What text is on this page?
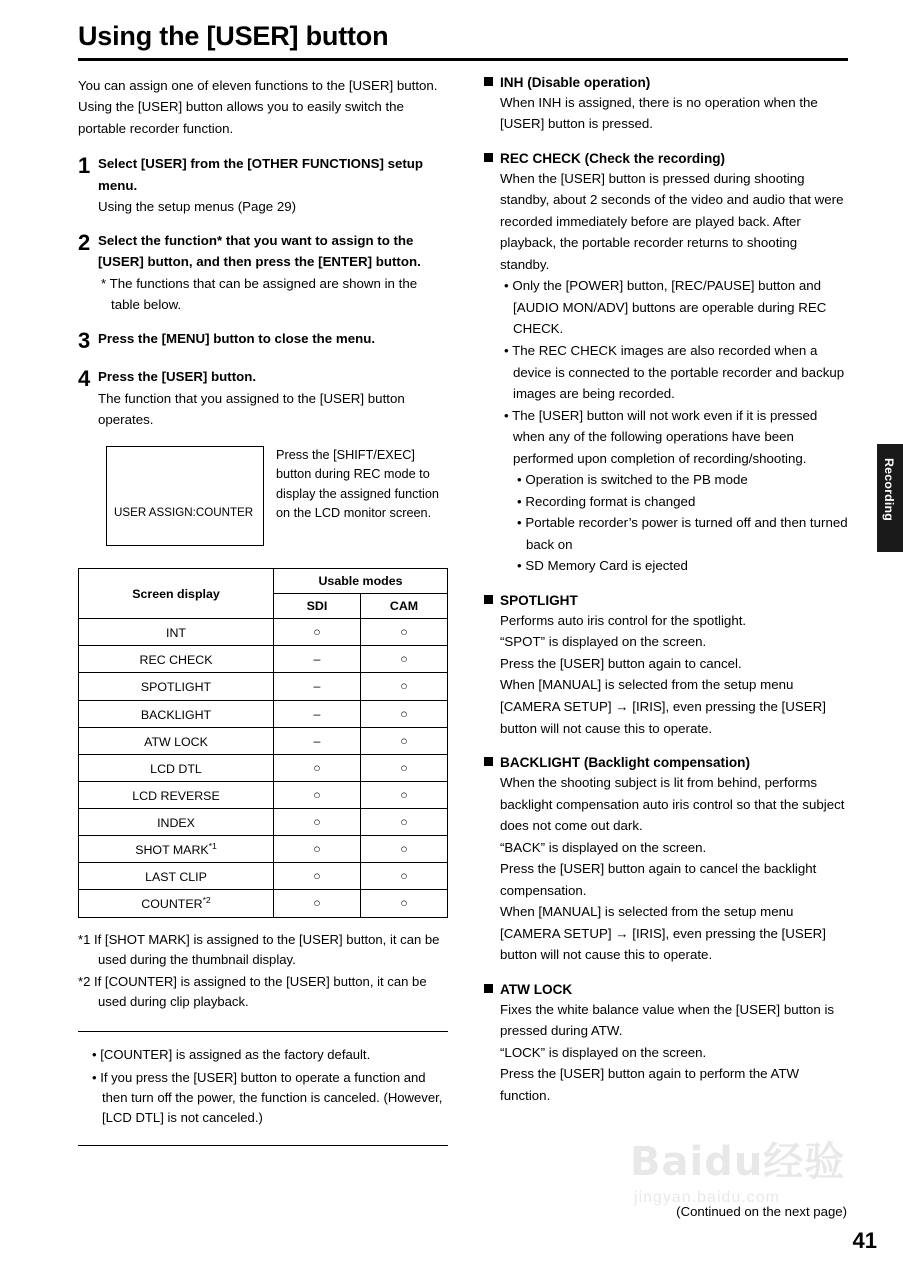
Using the [USER] button

You can assign one of eleven functions to the [USER] button. Using the [USER] button allows you to easily switch the portable recorder function.

1 Select [USER] from the [OTHER FUNCTIONS] setup menu.
Using the setup menus (Page 29)
2 Select the function* that you want to assign to the [USER] button, and then press the [ENTER] button.
* The functions that can be assigned are shown in the table below.
3 Press the [MENU] button to close the menu.
4 Press the [USER] button.
The function that you assigned to the [USER] button operates.
USER ASSIGN:COUNTER
Press the [SHIFT/EXEC] button during REC mode to display the assigned function on the LCD monitor screen.
Screen display	Usable modes	
	SDI	CAM
INT	○	○
REC CHECK	–	○
SPOTLIGHT	–	○
BACKLIGHT	–	○
ATW LOCK	–	○
LCD DTL	○	○
LCD REVERSE	○	○
INDEX	○	○
SHOT MARK$^{*1}$	○	○
LAST CLIP	○	○
COUNTER$^{*2}$	○	○
*1 If [SHOT MARK] is assigned to the [USER] button, it can be used during the thumbnail display.
*2 If [COUNTER] is assigned to the [USER] button, it can be used during clip playback.
• [COUNTER] is assigned as the factory default.
• If you press the [USER] button to operate a function and then turn off the power, the function is canceled. (However, [LCD DTL] is not canceled.)
INH (Disable operation)

When INH is assigned, there is no operation when the [USER] button is pressed.

REC CHECK (Check the recording)

When the [USER] button is pressed during shooting standby, about 2 seconds of the video and audio that were recorded immediately before are played back. After playback, the portable recorder returns to shooting standby.

• Only the [POWER] button, [REC/PAUSE] button and [AUDIO MON/ADV] buttons are operable during REC CHECK.

• The REC CHECK images are also recorded when a device is connected to the portable recorder and backup images are being recorded.

• The [USER] button will not work even if it is pressed when any of the following operations have been performed upon completion of recording/shooting.

• Operation is switched to the PB mode

• Recording format is changed

• Portable recorder’s power is turned off and then turned back on

• SD Memory Card is ejected

SPOTLIGHT

Performs auto iris control for the spotlight.

“SPOT” is displayed on the screen.

Press the [USER] button again to cancel.

When [MANUAL] is selected from the setup menu [CAMERA SETUP] → [IRIS], even pressing the [USER] button will not cause this to operate.

BACKLIGHT (Backlight compensation)

When the shooting subject is lit from behind, performs backlight compensation auto iris control so that the subject does not come out dark.

“BACK” is displayed on the screen.

Press the [USER] button again to cancel the backlight compensation.

When [MANUAL] is selected from the setup menu [CAMERA SETUP] → [IRIS], even pressing the [USER] button will not cause this to operate.

ATW LOCK

Fixes the white balance value when the [USER] button is pressed during ATW.

“LOCK” is displayed on the screen.

Press the [USER] button again to perform the ATW function.

Recording
Baidu经验
jingyan.baidu.com
(Continued on the next page)
41
